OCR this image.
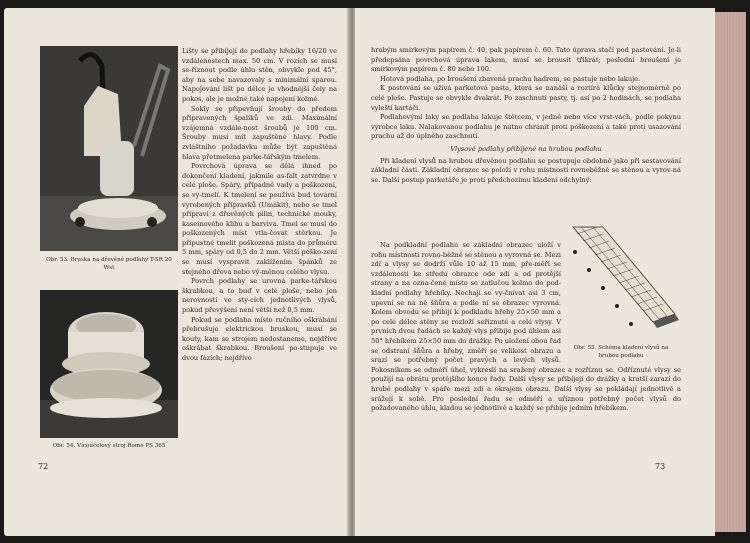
Obr. 53. Bruska na dřevěné podlahy T-SR 20 Wst
Obr. 54. Vícoúčelový stroj Romo PS 365

Lišty se přibíjejí do podlahy hřebíky 16/20 ve vzdálenostech max. 50 cm. V rozích se musí se-říznout podle úhlu stěn, obvykle pod 45°, aby na sebe navazovaly s minimální spárou. Napojování lišt po délce je vhodnější čely na pokos, ale je možné také napojení kolmé.

Sokly se připevňují šrouby do předem připravených špalíků ve zdi. Maximální vzájemná vzdále-nost šroubů je 100 cm. Šrouby musí mít zapuštěné hlavy. Podle zvláštního požadavku může být zapuštěná hlava přetmelena parke-tářským tmelem.

Povrchová úprava se dělá ihned po dokončení kladení, jakmile as-falt zatvrdne v celé ploše. Spáry, případně vady a poškození, se vy-tmelí. K tmelení se používá bud tovární vyrobených přípravků (Umakit), nebo se tmel připraví z dřevěných pilin, technické mouky, kaseinového klihu a barviva. Tmel se musí do poškozených míst vtla-čovat stěrkou. Je přípustné tmelit poškozená místa do průměru 5 mm, spáry od 0,5 do 2 mm. Větší poško-zení se musí vyspravit zaklížením špánků ze stejného dřeva nebo vý-měnou celého vlysu.

Povrch podlahy se urovná parke-tářskou škrabkou, a to buď v celé ploše, nebo jen nerovnosti ve sty-cích jednotlivých vlysů, pokud převýšení není větší než 0,5 mm.

Pokud se podlaha místo ručního oškrábání přebrušuje elektrickou bruskou, musí se kouty, kam se strojem nedostaneme, nejdříve oškrábat škrabkou. Broušení po-stupuje ve dvou fázích; nejdříve

72

hrubým smirkovým papírem č. 40, pak papírem č. 60. Tato úprava stačí pod pastování. Je-li předepsána povrchová úprava lakem, musí se brousit třikrát; poslední broušení je smirkovým papírem č. 80 nebo 100.

Hotová podlaha, po broušení zbavená prachu hadrem, se pastuje nebo lakuje.

K pastování se užívá parketová pasta, která se nanáší a roztírá klůcky stejnoměrně po celé ploše. Pastuje se obvykle dvakrát. Po zaschnutí pasty, tj. asi po 2 hodinách, se podlaha vyleští kartáči.

Podlahovými laky se podlaha lakuje štětcem, v jedné nebo více vrst-vách, podle pokynu výrobce laku. Nalakovanou podlahu je nutno chránit proti poškození a také proti usazování prachu až do úplného zaschnutí.

Vlysové podlahy přibíjené na hrubou podlahu

Při kladení vlysů na hrubou dřevěnou podlahu se postupuje obdobně jako při sestavování základní části. Základní obrazec se položí v rohu místnosti rovnoběžně se stěnou a vyrov-ná se. Další postup parketáře je proti předchozímu kladení odchylný:

Na podkladní podlahu se základní obrazec uloží v rohu místnosti rovno-běžně se stěnou a vyrovná se. Mezi zdí a vlysy se dodrží vůle 10 až 15 mm, pře-měří se vzdálenosti ke středu obrazce ode zdi a od protější strany a na ozna-čené místo se zatlučou kolmo do pod-kladní podlahy hřebíky. Nechají se vy-čnívat asi 3 cm, upevní se na ně šňůra a podle ní se obrazec vyrovná. Kolem obvodu se přibijí k podkladu hřeby 25×50 mm a po celé délce stěny se rozloží seříznuté a celé vlysy. V prvních dvou řadách se každý vlys přibije pod úhlem asi 50° hřebíkem 25×50 mm do drážky. Po uložení obou řad se odstraní šňůra a hřeby, změří se velikost obrazu a srazí se potřebný počet pravých a levých vlysů. Pokosníkem se odměří úhel, vykreslí na sražený obrazec a rozříznu se. Odříznuté vlysy se použijí na obrátu protějšího konce řady. Další vlysy se přibíjejí do drážky a kratší zarazí do hrubé podlahy v spáře mezi zdí a okrajem obrazu. Další vlysy se pokládají jednotlivě a srážejí k sobě. Pro poslední řadu se odměří a uříznou potřebný počet vlysů do požadovaného úhlu, kladou se jednotlivě a každý se přibije jedním hřebíkem.

Obr. 55. Schéma kladení vlysů na hrubou podlahu
73
